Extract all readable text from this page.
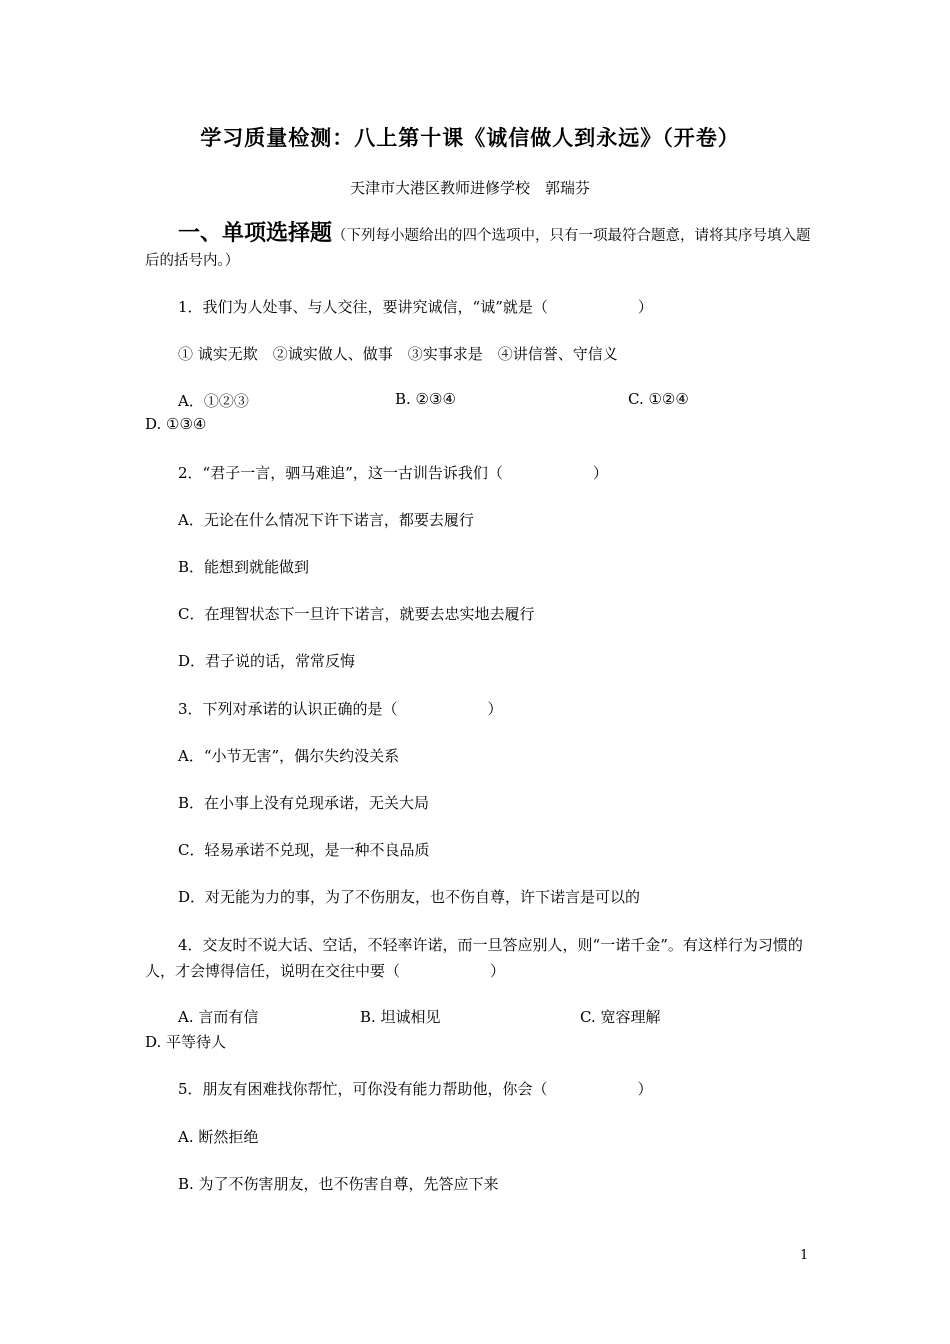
学习质量检测：八上第十课《诚信做人到永远》（开卷）
天津市大港区教师进修学校　郭瑞芬
一、单项选择题（下列每小题给出的四个选项中，只有一项最符合题意，请将其序号填入题后的括号内。）
1．我们为人处事、与人交往，要讲究诚信，“诚”就是（　　　　　　）
① 诚实无欺　②诚实做人、做事　③实事求是　④讲信誉、守信义
A．①②③	B. ②③④	C. ①②④
D. ①③④
2．“君子一言，驷马难追”，这一古训告诉我们（　　　　　　）
A．无论在什么情况下许下诺言，都要去履行
B．能想到就能做到
C．在理智状态下一旦许下诺言，就要去忠实地去履行
D．君子说的话，常常反悔
3．下列对承诺的认识正确的是（　　　　　　）
A．“小节无害”，偶尔失约没关系
B．在小事上没有兑现承诺，无关大局
C．轻易承诺不兑现，是一种不良品质
D．对无能为力的事，为了不伤朋友，也不伤自尊，许下诺言是可以的
4．交友时不说大话、空话，不轻率许诺，而一旦答应别人，则“一诺千金”。有这样行为习惯的人，才会博得信任，说明在交往中要（　　　　　　）
A. 言而有信	B. 坦诚相见	C. 宽容理解
D. 平等待人
5．朋友有困难找你帮忙，可你没有能力帮助他，你会（　　　　　　）
A. 断然拒绝
B. 为了不伤害朋友，也不伤害自尊，先答应下来
1
